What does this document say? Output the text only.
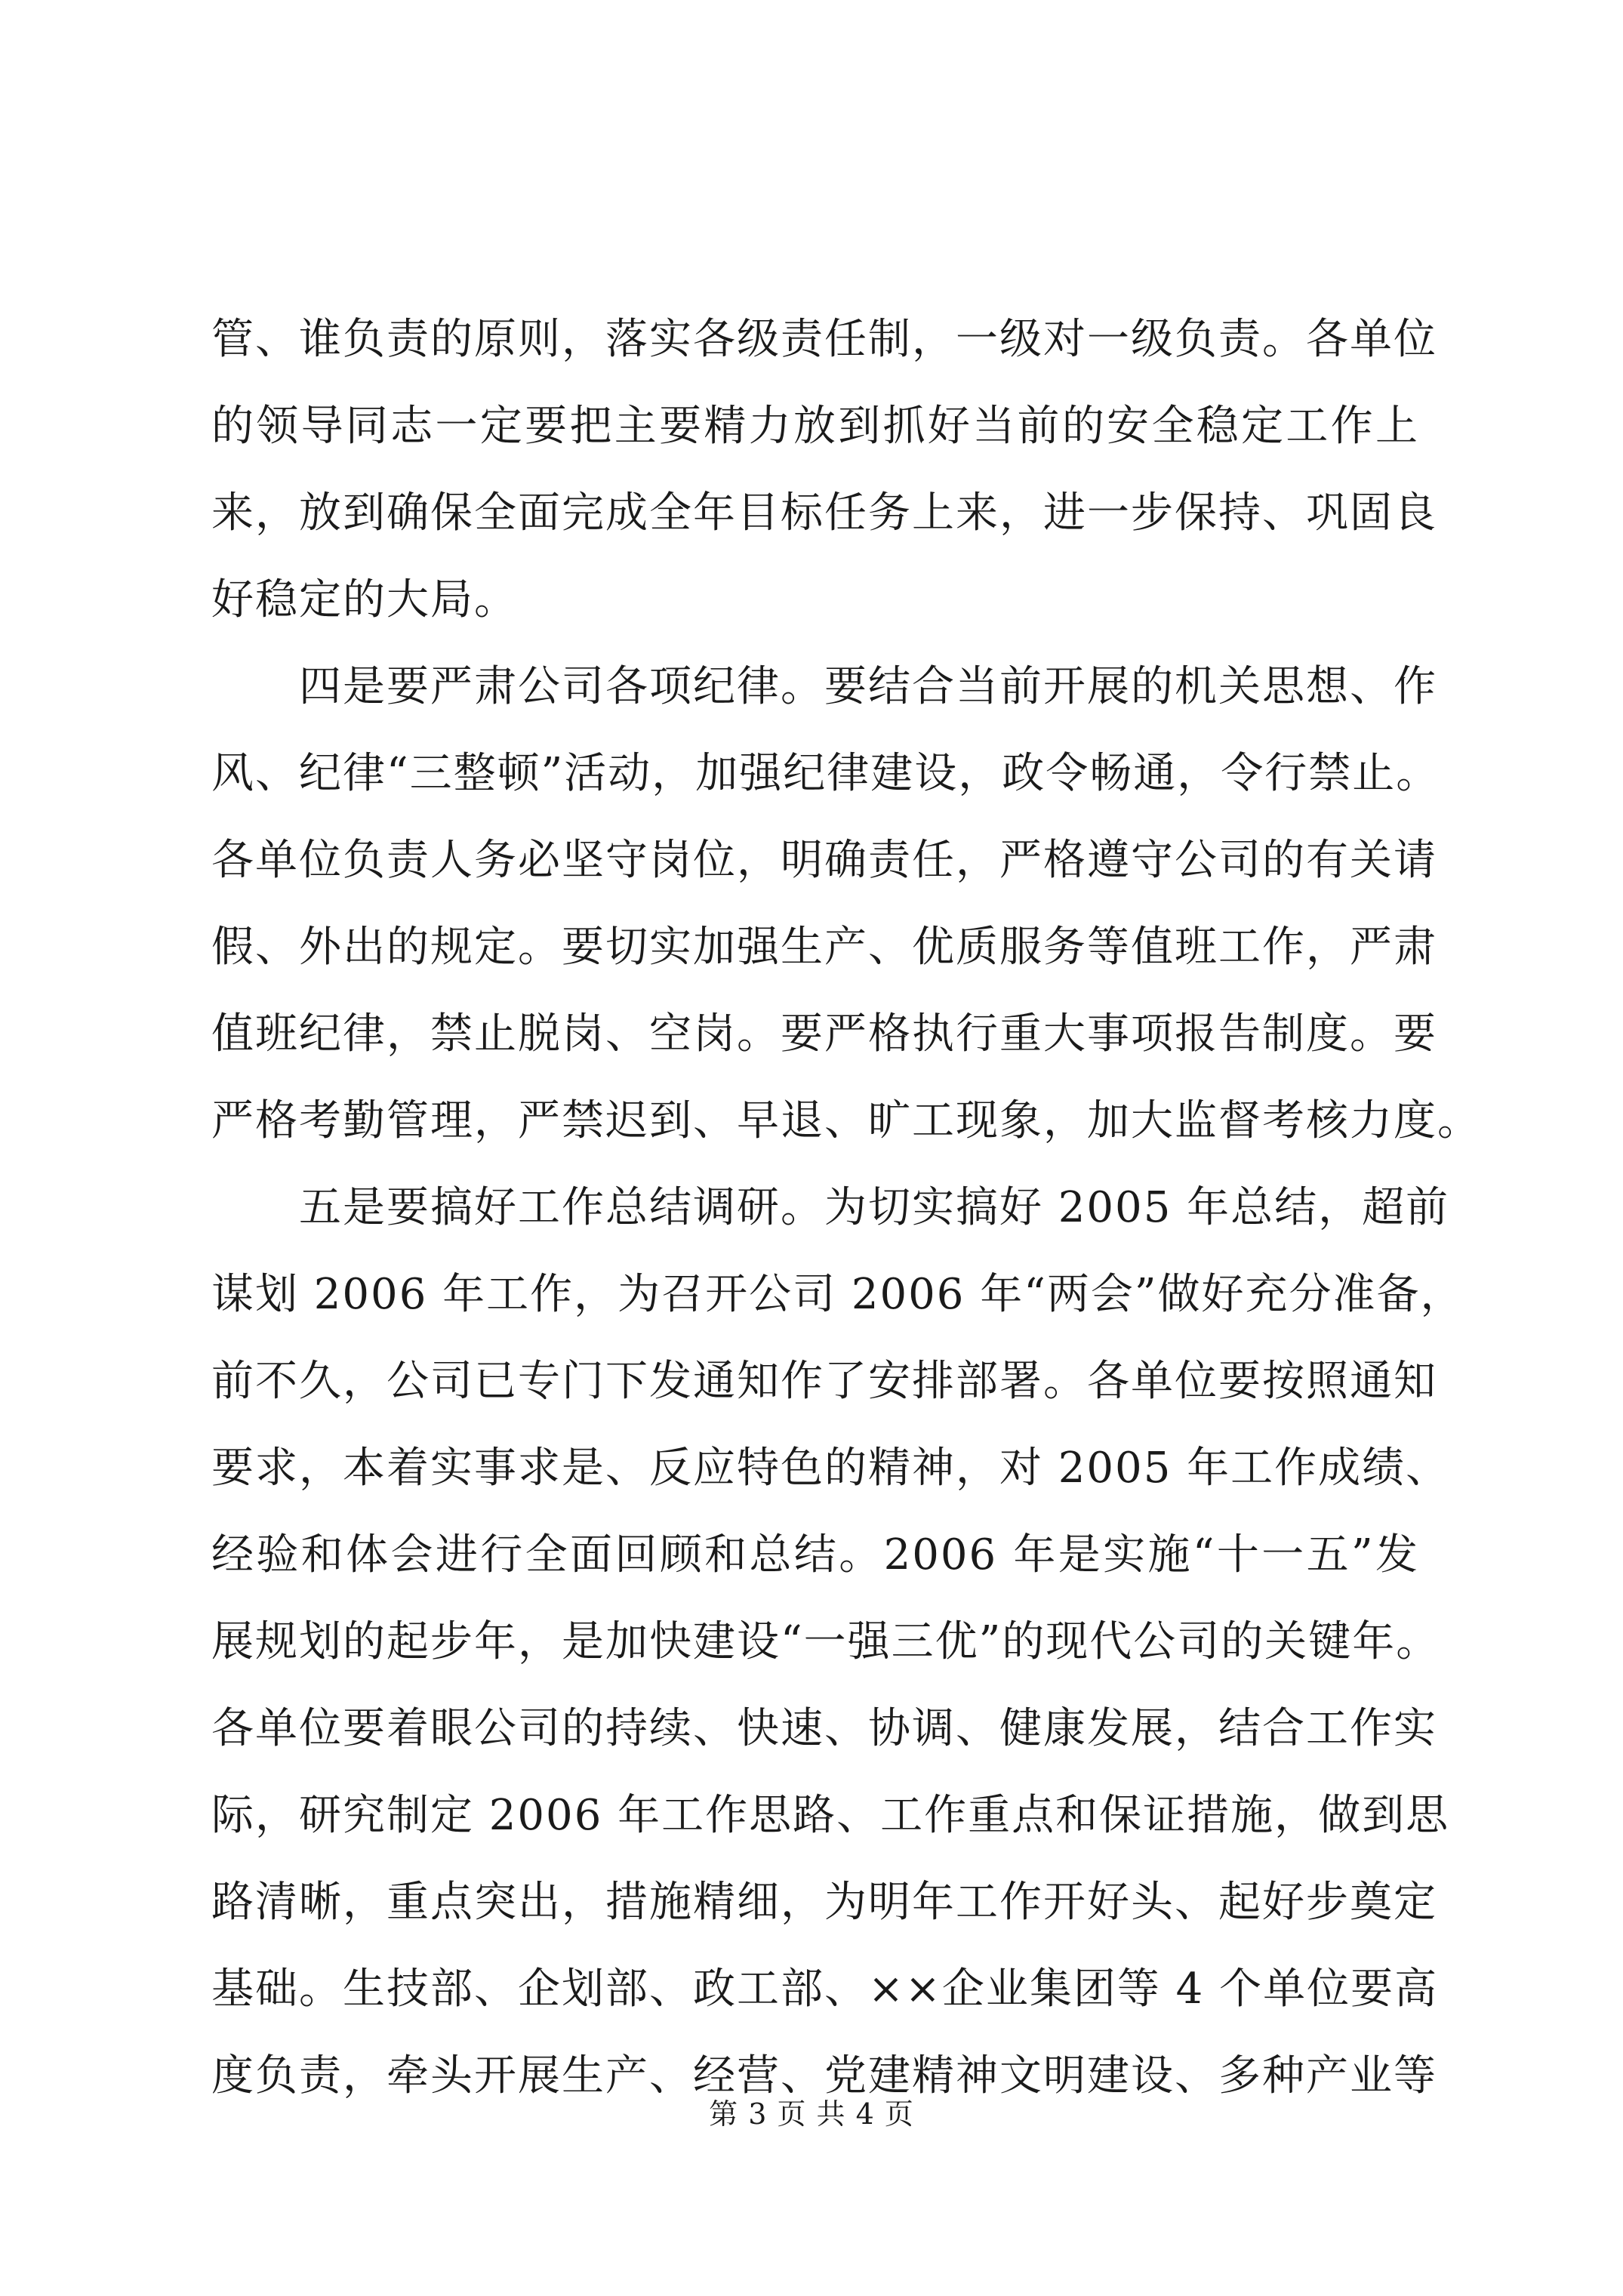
管、谁负责的原则，落实各级责任制，一级对一级负责。各单位
的领导同志一定要把主要精力放到抓好当前的安全稳定工作上
来，放到确保全面完成全年目标任务上来，进一步保持、巩固良
好稳定的大局。
　　四是要严肃公司各项纪律。要结合当前开展的机关思想、作
风、纪律“三整顿”活动，加强纪律建设，政令畅通，令行禁止。
各单位负责人务必坚守岗位，明确责任，严格遵守公司的有关请
假、外出的规定。要切实加强生产、优质服务等值班工作，严肃
值班纪律，禁止脱岗、空岗。要严格执行重大事项报告制度。要
严格考勤管理，严禁迟到、早退、旷工现象，加大监督考核力度。
　　五是要搞好工作总结调研。为切实搞好 2005 年总结，超前
谋划 2006 年工作，为召开公司 2006 年“两会”做好充分准备，
前不久，公司已专门下发通知作了安排部署。各单位要按照通知
要求，本着实事求是、反应特色的精神，对 2005 年工作成绩、
经验和体会进行全面回顾和总结。2006 年是实施“十一五”发
展规划的起步年，是加快建设“一强三优”的现代公司的关键年。
各单位要着眼公司的持续、快速、协调、健康发展，结合工作实
际，研究制定 2006 年工作思路、工作重点和保证措施，做到思
路清晰，重点突出，措施精细，为明年工作开好头、起好步奠定
基础。生技部、企划部、政工部、××企业集团等 4 个单位要高
度负责，牵头开展生产、经营、党建精神文明建设、多种产业等
第 3 页 共 4 页
